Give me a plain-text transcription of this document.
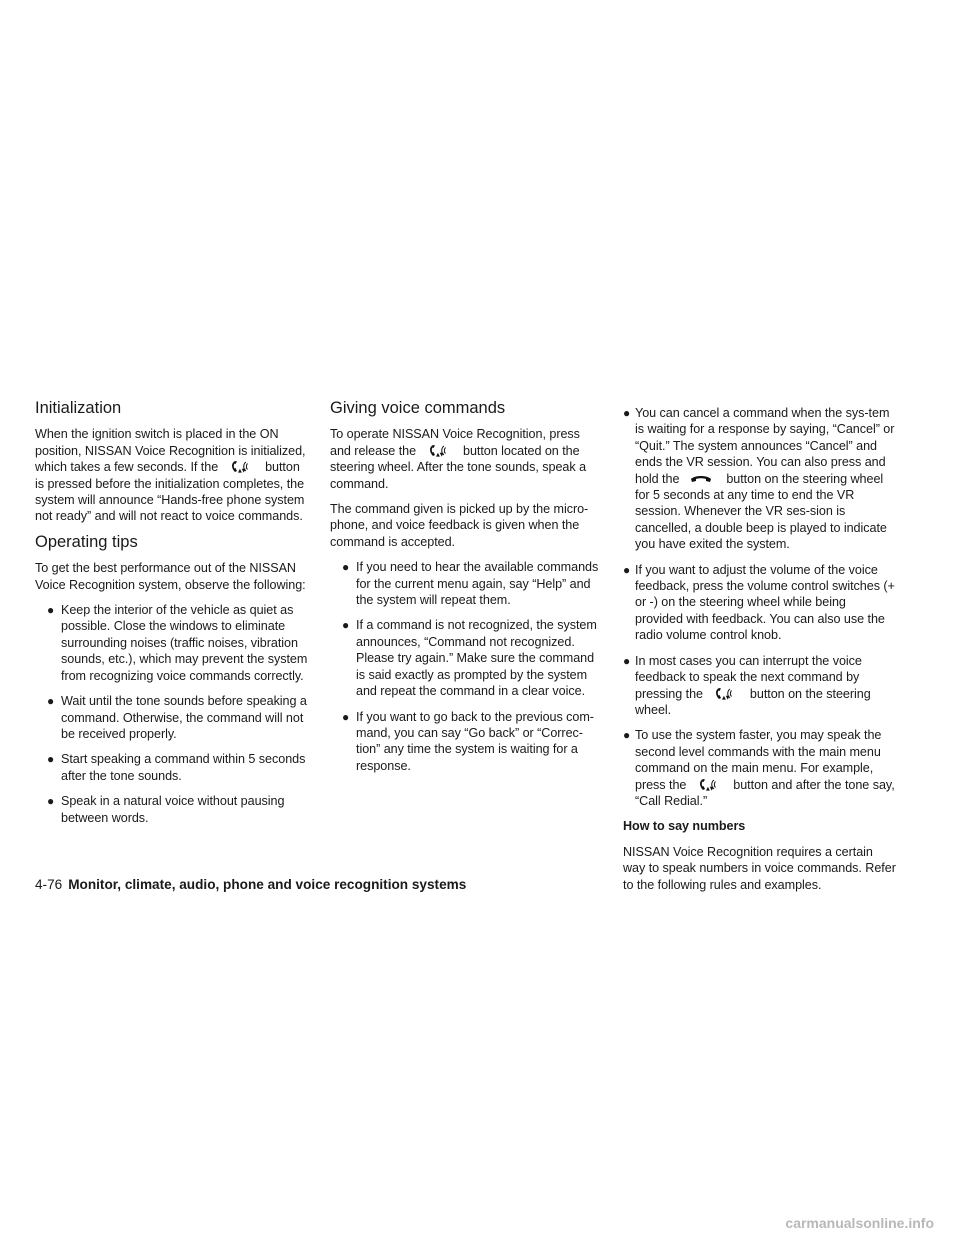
Initialization

When the ignition switch is placed in the ON position, NISSAN Voice Recognition is initialized, which takes a few seconds. If the	▲▼ button is pressed before the initialization completes, the system will announce “Hands-free phone system not ready” and will not react to voice commands.

Operating tips

To get the best performance out of the NISSAN Voice Recognition system, observe the following:

● Keep the interior of the vehicle as quiet as possible. Close the windows to eliminate surrounding noises (traffic noises, vibration sounds, etc.), which may prevent the system from recognizing voice commands correctly.
● Wait until the tone sounds before speaking a command. Otherwise, the command will not be received properly.
● Start speaking a command within 5 seconds after the tone sounds.
● Speak in a natural voice without pausing between words.
Giving voice commands

To operate NISSAN Voice Recognition, press and release the	▲▼ button located on the steering wheel. After the tone sounds, speak a command.

The command given is picked up by the micro-phone, and voice feedback is given when the command is accepted.

● If you need to hear the available commands for the current menu again, say “Help” and the system will repeat them.
● If a command is not recognized, the system announces, “Command not recognized. Please try again.” Make sure the command is said exactly as prompted by the system and repeat the command in a clear voice.
● If you want to go back to the previous com-mand, you can say “Go back” or “Correc-tion” any time the system is waiting for a response.
● You can cancel a command when the sys-tem is waiting for a response by saying, “Cancel” or “Quit.” The system announces “Cancel” and ends the VR session. You can also press and hold the	button on the steering wheel for 5 seconds at any time to end the VR session. Whenever the VR ses-sion is cancelled, a double beep is played to indicate you have exited the system.
● If you want to adjust the volume of the voice feedback, press the volume control switches (+ or -) on the steering wheel while being provided with feedback. You can also use the radio volume control knob.
● In most cases you can interrupt the voice feedback to speak the next command by pressing the	▲▼ button on the steering wheel.
● To use the system faster, you may speak the second level commands with the main menu command on the main menu. For example, press the	▲▼ button and after the tone say, “Call Redial.”
How to say numbers

NISSAN Voice Recognition requires a certain way to speak numbers in voice commands. Refer to the following rules and examples.

4-76 Monitor, climate, audio, phone and voice recognition systems
carmanualsonline.info
